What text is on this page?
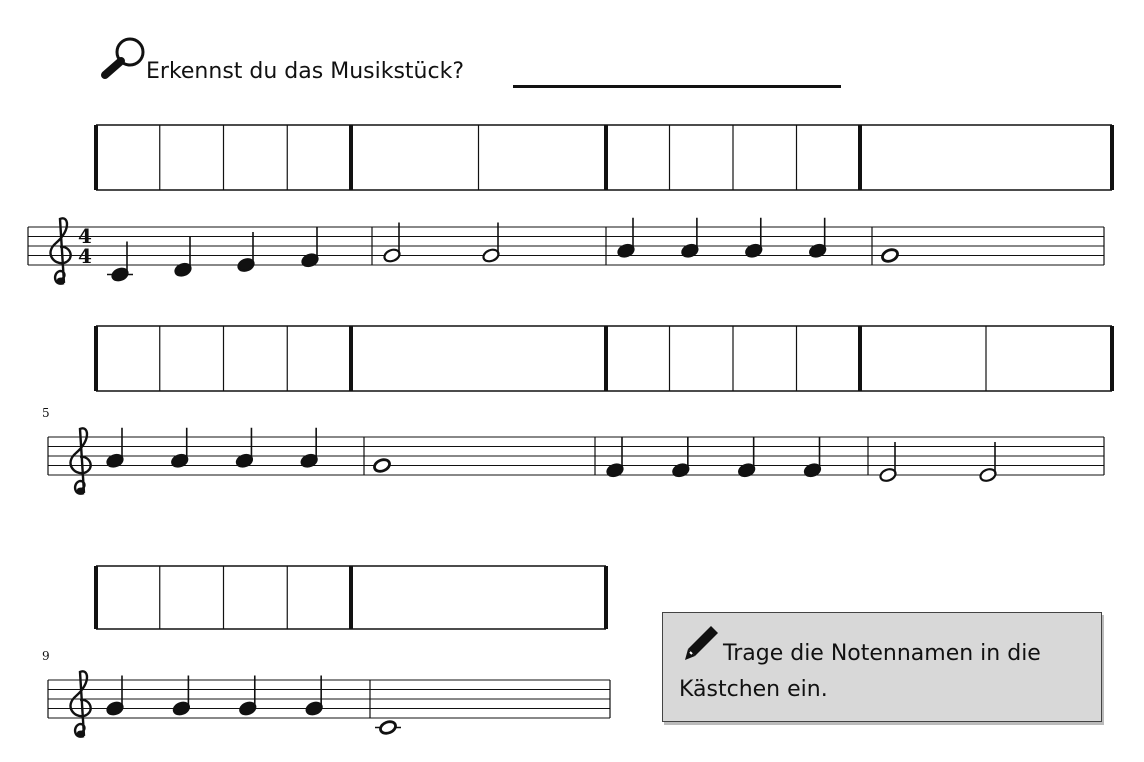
Erkennst du das Musikstück?
4
4
5
9	Trage die Notennamen in die
Kästchen ein.
